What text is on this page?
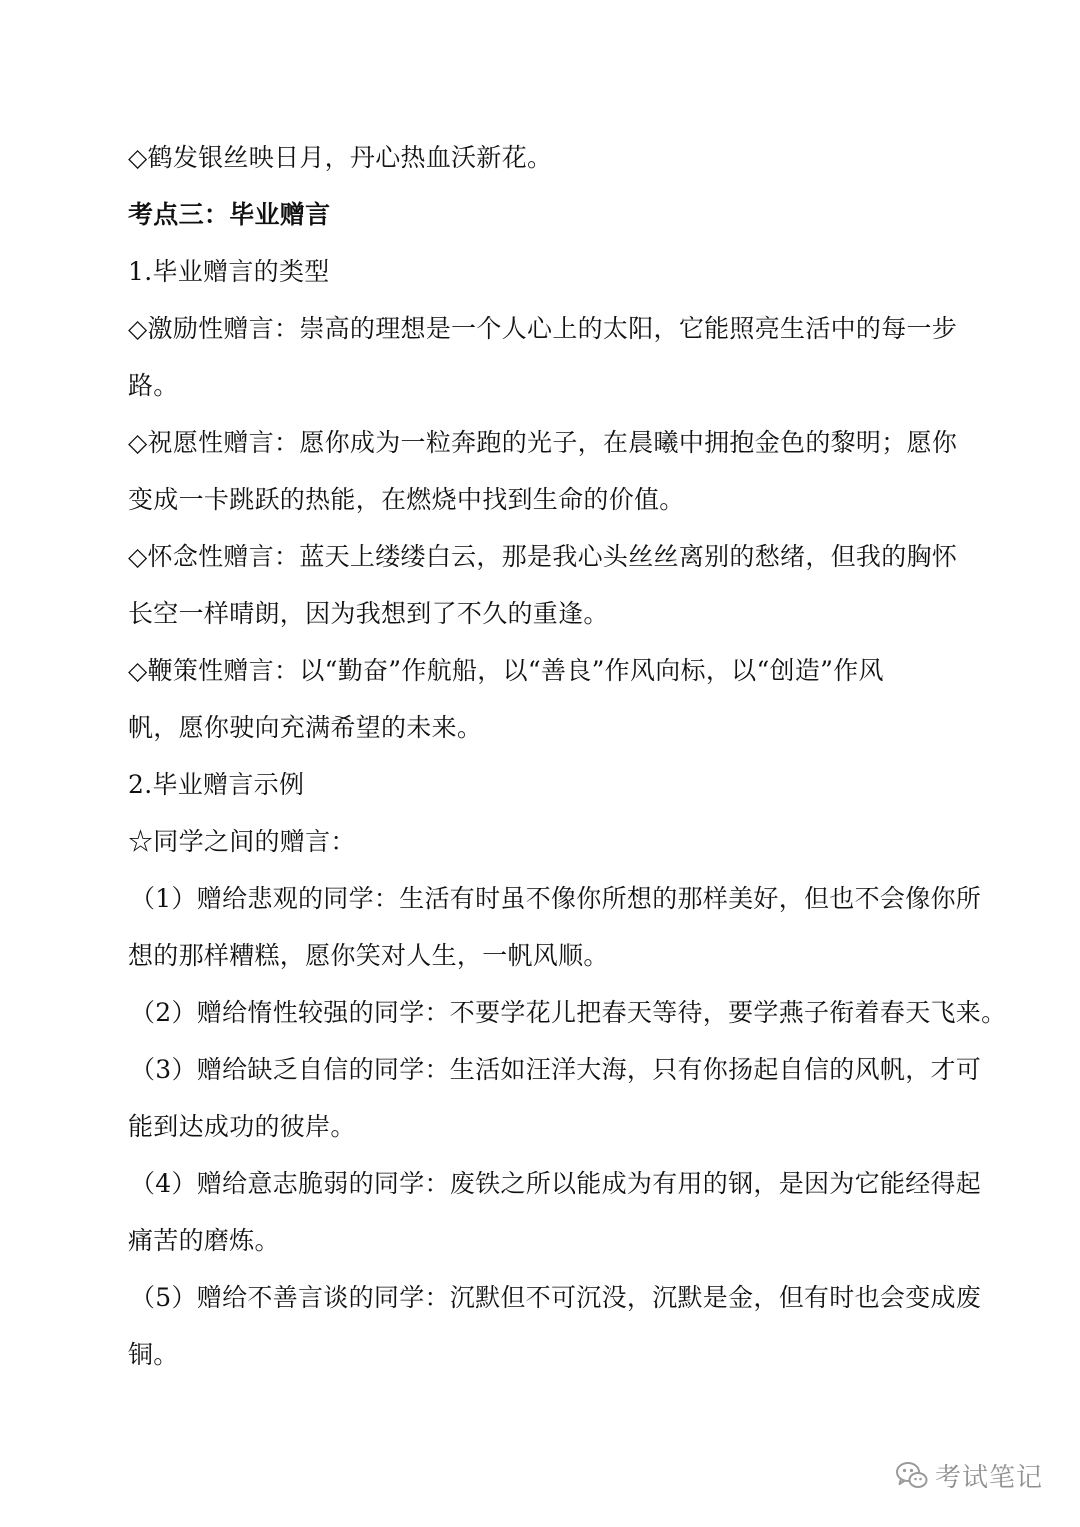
◇鹤发银丝映日月，丹心热血沃新花。
考点三：毕业赠言
1.毕业赠言的类型
◇激励性赠言：崇高的理想是一个人心上的太阳，它能照亮生活中的每一步
路。
◇祝愿性赠言：愿你成为一粒奔跑的光子，在晨曦中拥抱金色的黎明；愿你
变成一卡跳跃的热能，在燃烧中找到生命的价值。
◇怀念性赠言：蓝天上缕缕白云，那是我心头丝丝离别的愁绪，但我的胸怀
长空一样晴朗，因为我想到了不久的重逢。
◇鞭策性赠言：以“勤奋”作航船，以“善良”作风向标，以“创造”作风
帆，愿你驶向充满希望的未来。
2.毕业赠言示例
☆同学之间的赠言：
（1）赠给悲观的同学：生活有时虽不像你所想的那样美好，但也不会像你所
想的那样糟糕，愿你笑对人生，一帆风顺。
（2）赠给惰性较强的同学：不要学花儿把春天等待，要学燕子衔着春天飞来。
（3）赠给缺乏自信的同学：生活如汪洋大海，只有你扬起自信的风帆，才可
能到达成功的彼岸。
（4）赠给意志脆弱的同学：废铁之所以能成为有用的钢，是因为它能经得起
痛苦的磨炼。
（5）赠给不善言谈的同学：沉默但不可沉没，沉默是金，但有时也会变成废
铜。
考试笔记
